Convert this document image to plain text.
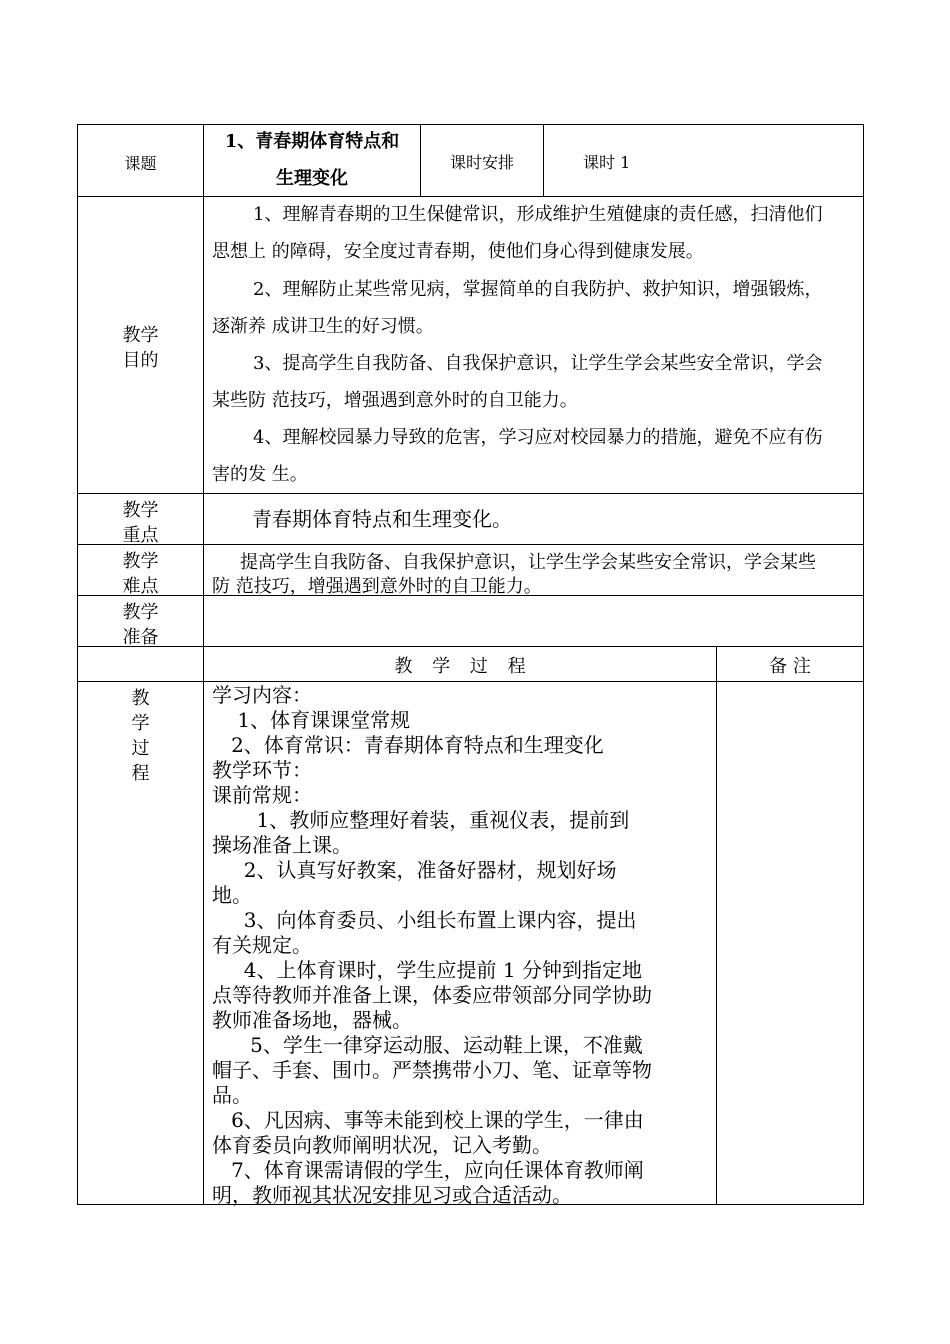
课题
1、青春期体育特点和
生理变化
课时安排	课时 1
教学
目的
1、理解青春期的卫生保健常识，形成维护生殖健康的责任感，扫清他们
思想上 的障碍，安全度过青春期，使他们身心得到健康发展。
2、理解防止某些常见病，掌握简单的自我防护、救护知识，增强锻炼，
逐渐养 成讲卫生的好习惯。
3、提高学生自我防备、自我保护意识，让学生学会某些安全常识，学会
某些防 范技巧，增强遇到意外时的自卫能力。
4、理解校园暴力导致的危害，学习应对校园暴力的措施，避免不应有伤
害的发 生。
教学
重点
青春期体育特点和生理变化。
教学
难点
提高学生自我防备、自我保护意识，让学生学会某些安全常识，学会某些
防 范技巧，增强遇到意外时的自卫能力。
教学
准备
教 学 过 程	备 注
教
学
过
程
学习内容：
1、体育课课堂常规
2、体育常识：青春期体育特点和生理变化
教学环节：
课前常规：
1、教师应整理好着装，重视仪表，提前到
操场准备上课。
2、认真写好教案，准备好器材，规划好场
地。
3、向体育委员、小组长布置上课内容，提出
有关规定。
4、上体育课时，学生应提前 1 分钟到指定地
点等待教师并准备上课，体委应带领部分同学协助
教师准备场地，器械。
5、学生一律穿运动服、运动鞋上课，不准戴
帽子、手套、围巾。严禁携带小刀、笔、证章等物
品。
6、凡因病、事等未能到校上课的学生，一律由
体育委员向教师阐明状况，记入考勤。
7、体育课需请假的学生，应向任课体育教师阐
明，教师视其状况安排见习或合适活动。
